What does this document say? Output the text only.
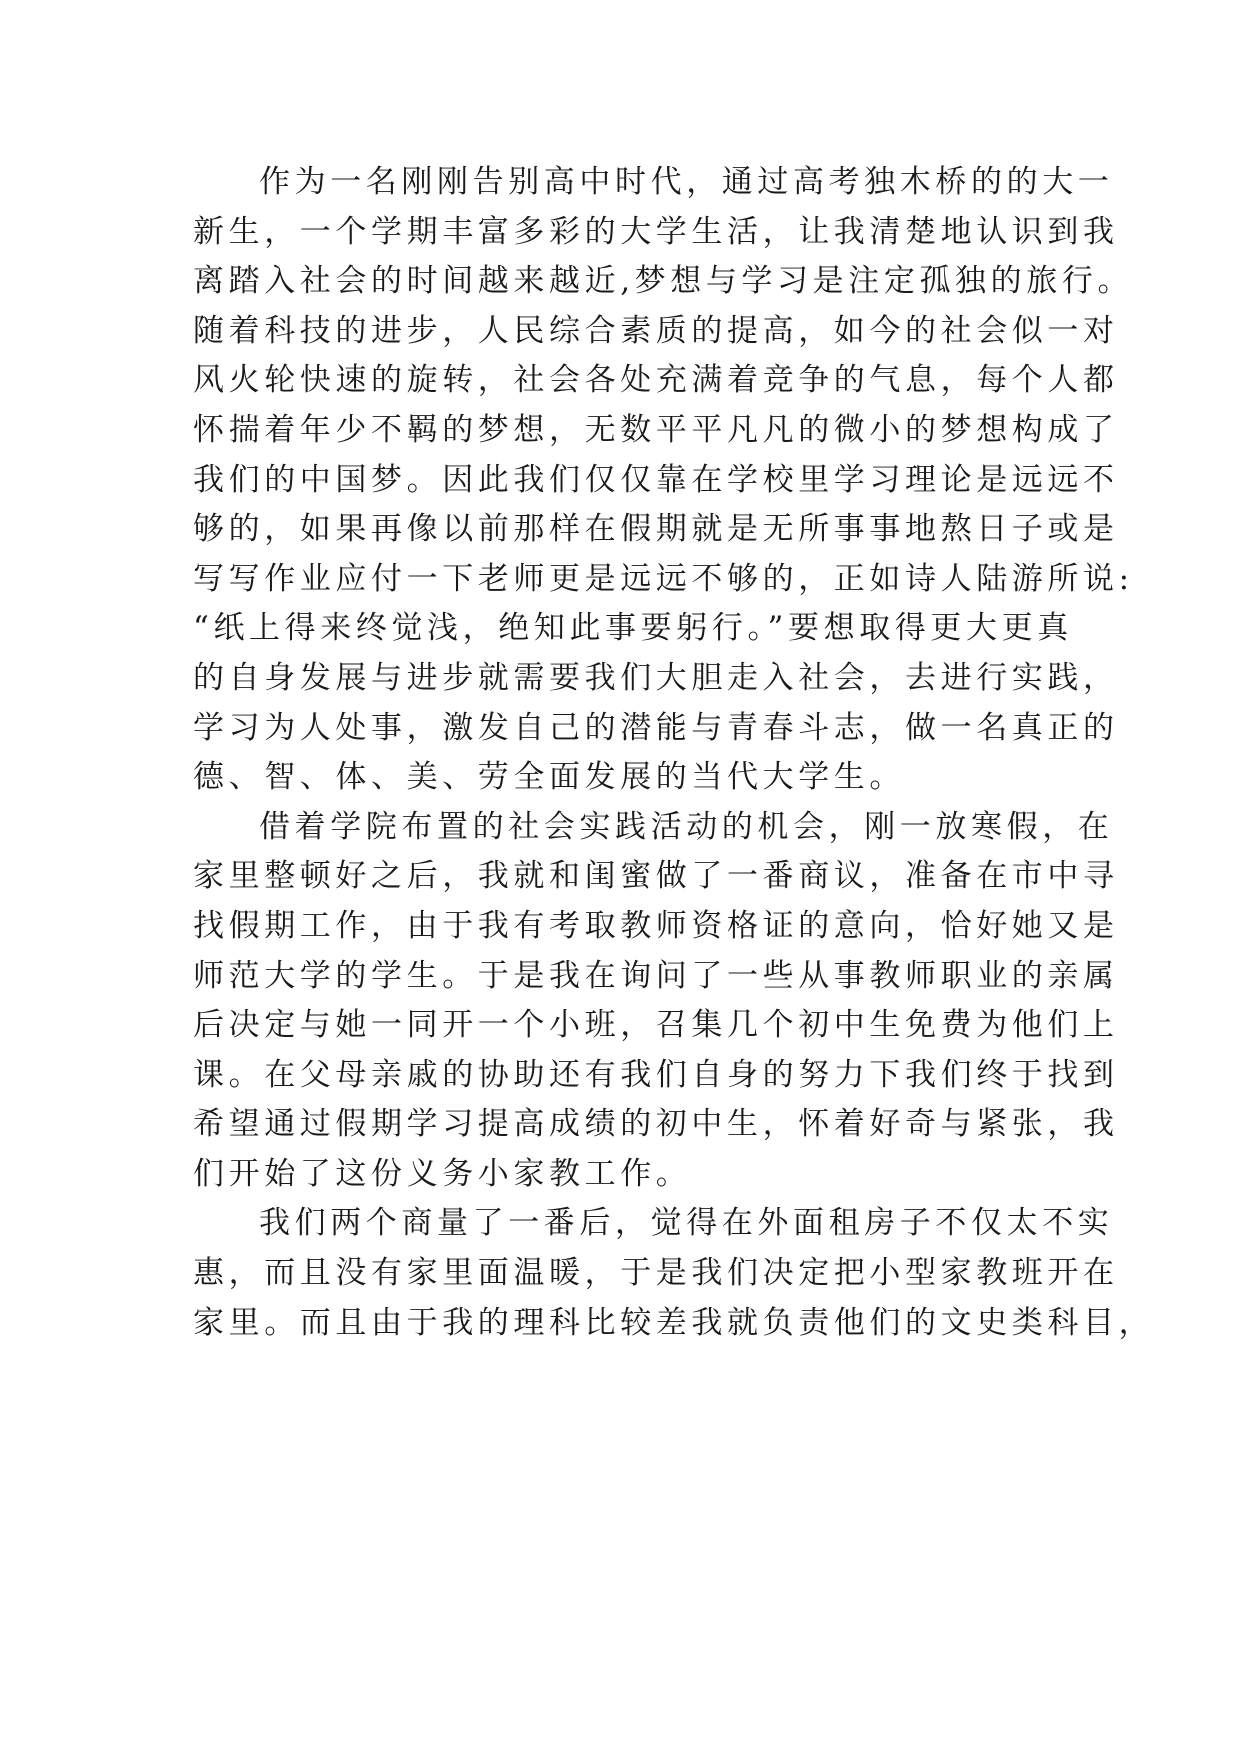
作为一名刚刚告别高中时代，通过高考独木桥的的大一
新生，一个学期丰富多彩的大学生活，让我清楚地认识到我
离踏入社会的时间越来越近,梦想与学习是注定孤独的旅行。
随着科技的进步，人民综合素质的提高，如今的社会似一对
风火轮快速的旋转，社会各处充满着竞争的气息，每个人都
怀揣着年少不羁的梦想，无数平平凡凡的微小的梦想构成了
我们的中国梦。因此我们仅仅靠在学校里学习理论是远远不
够的，如果再像以前那样在假期就是无所事事地熬日子或是
写写作业应付一下老师更是远远不够的，正如诗人陆游所说:
“纸上得来终觉浅，绝知此事要躬行。”要想取得更大更真
的自身发展与进步就需要我们大胆走入社会，去进行实践，
学习为人处事，激发自己的潜能与青春斗志，做一名真正的
德、智、体、美、劳全面发展的当代大学生。
借着学院布置的社会实践活动的机会，刚一放寒假，在
家里整顿好之后，我就和闺蜜做了一番商议，准备在市中寻
找假期工作，由于我有考取教师资格证的意向，恰好她又是
师范大学的学生。于是我在询问了一些从事教师职业的亲属
后决定与她一同开一个小班，召集几个初中生免费为他们上
课。在父母亲戚的协助还有我们自身的努力下我们终于找到
希望通过假期学习提高成绩的初中生，怀着好奇与紧张，我
们开始了这份义务小家教工作。
我们两个商量了一番后，觉得在外面租房子不仅太不实
惠，而且没有家里面温暖，于是我们决定把小型家教班开在
家里。而且由于我的理科比较差我就负责他们的文史类科目，
